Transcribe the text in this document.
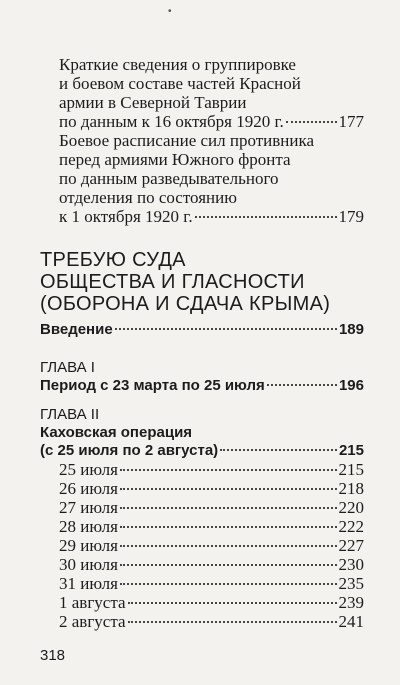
•
Краткие сведения о группировке
и боевом составе частей Красной
армии в Северной Таврии
по данным к 16 октября 1920 г.	177
Боевое расписание сил противника
перед армиями Южного фронта
по данным разведывательного
отделения по состоянию
к 1 октября 1920 г.	179
ТРЕБУЮ СУДА
ОБЩЕСТВА И ГЛАСНОСТИ
(ОБОРОНА И СДАЧА КРЫМА)
Введение	189
ГЛАВА I
Период с 23 марта по 25 июля	196
ГЛАВА II
Каховская операция
(с 25 июля по 2 августа)	215
25 июля	215
26 июля	218
27 июля	220
28 июля	222
29 июля	227
30 июля	230
31 июля	235
1 августа	239
2 августа	241
318
